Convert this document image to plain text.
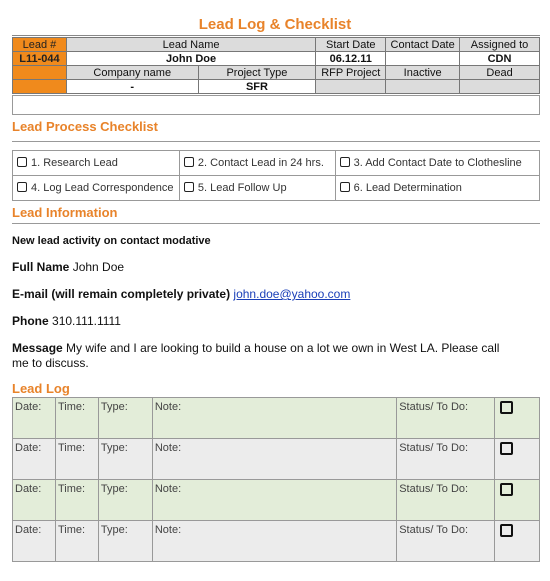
Lead Log & Checklist
Lead #	Lead Name		Start Date	Contact Date	Assigned to
L11-044	John Doe		06.12.11		CDN
	Company name	Project Type	RFP Project	Inactive	Dead
	-	SFR			
Lead Process Checklist
1. Research Lead	2. Contact Lead in 24 hrs.	3. Add Contact Date to Clothesline
4. Log Lead Correspondence	5. Lead Follow Up	6. Lead Determination
Lead Information
New lead activity on contact modative
Full Name John Doe
E-mail (will remain completely private) john.doe@yahoo.com
Phone 310.111.1111
Message My wife and I are looking to build a house on a lot we own in West LA. Please call
me to discuss.
Lead Log
Date:	Time:	Type:	Note:	Status/ To Do:	
Date:	Time:	Type:	Note:	Status/ To Do:	
Date:	Time:	Type:	Note:	Status/ To Do:	
Date:	Time:	Type:	Note:	Status/ To Do:	
